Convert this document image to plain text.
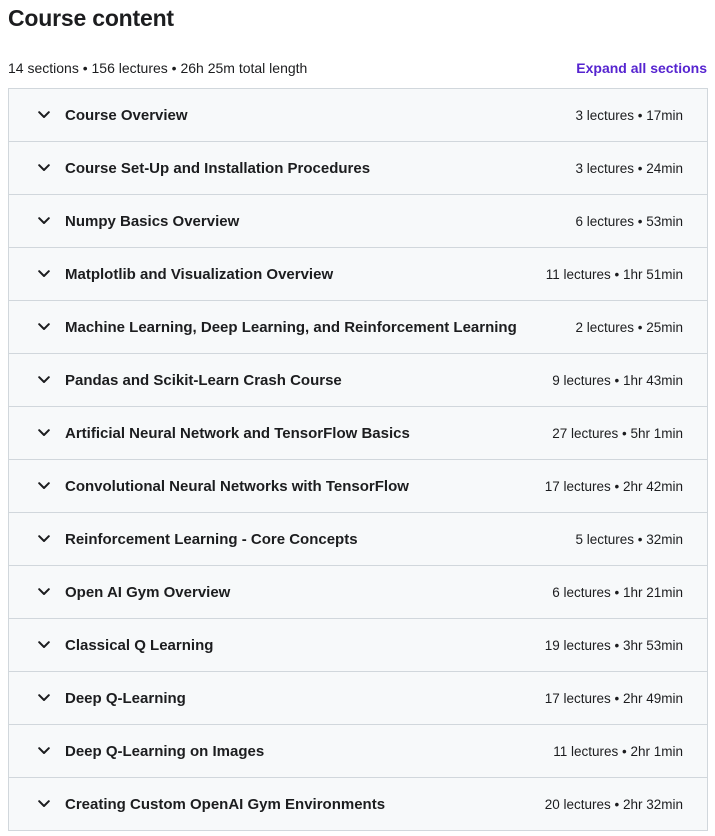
Course content
14 sections • 156 lectures • 26h 25m total length	Expand all sections
Course Overview	3 lectures • 17min
Course Set-Up and Installation Procedures	3 lectures • 24min
Numpy Basics Overview	6 lectures • 53min
Matplotlib and Visualization Overview	11 lectures • 1hr 51min
Machine Learning, Deep Learning, and Reinforcement Learning	2 lectures • 25min
Pandas and Scikit-Learn Crash Course	9 lectures • 1hr 43min
Artificial Neural Network and TensorFlow Basics	27 lectures • 5hr 1min
Convolutional Neural Networks with TensorFlow	17 lectures • 2hr 42min
Reinforcement Learning - Core Concepts	5 lectures • 32min
Open AI Gym Overview	6 lectures • 1hr 21min
Classical Q Learning	19 lectures • 3hr 53min
Deep Q-Learning	17 lectures • 2hr 49min
Deep Q-Learning on Images	11 lectures • 2hr 1min
Creating Custom OpenAI Gym Environments	20 lectures • 2hr 32min
